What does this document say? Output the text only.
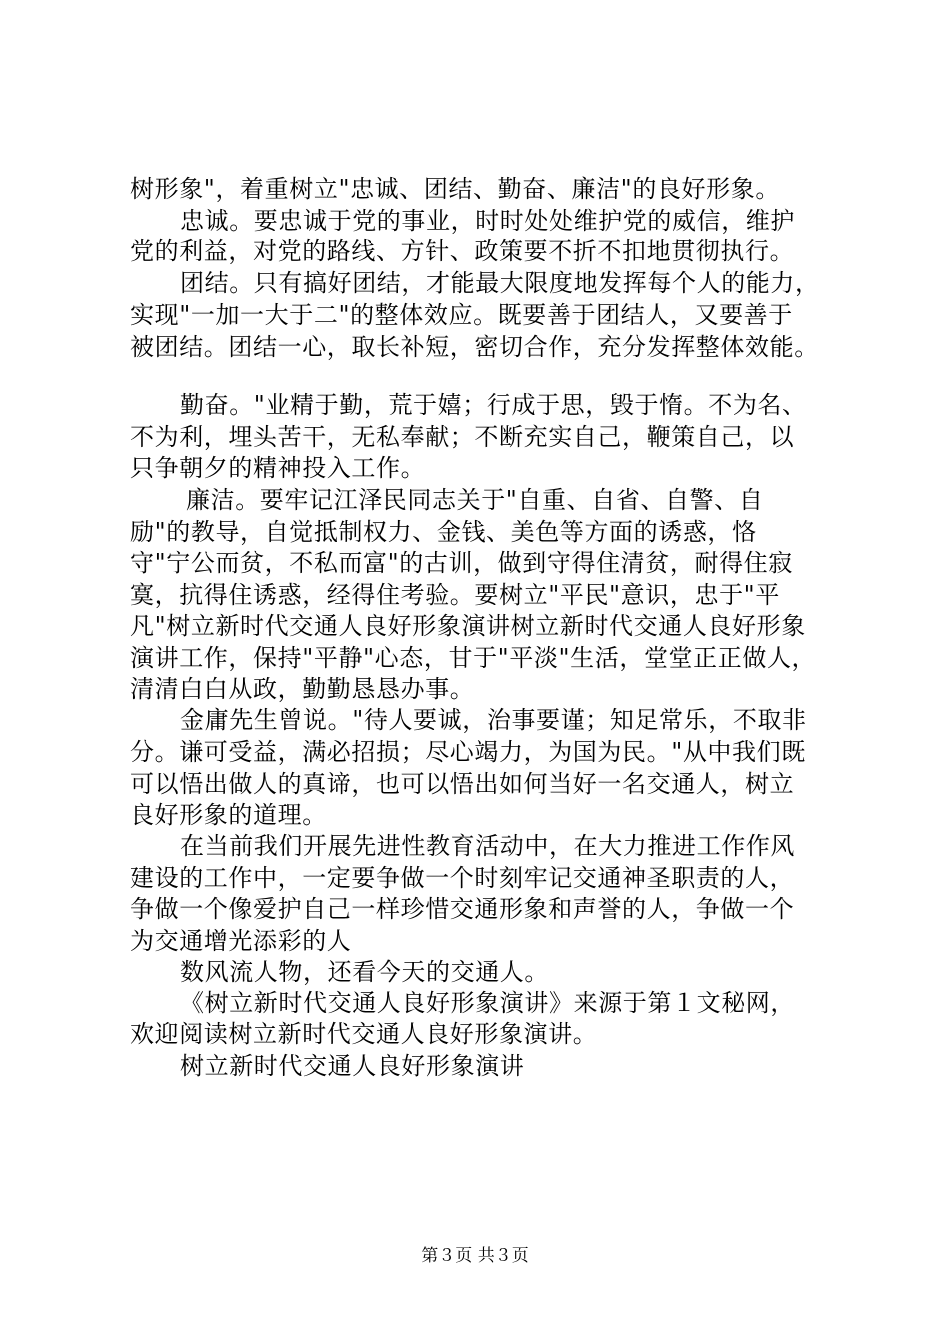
树形象"，着重树立"忠诚、团结、勤奋、廉洁"的良好形象。
忠诚。要忠诚于党的事业，时时处处维护党的威信，维护
党的利益，对党的路线、方针、政策要不折不扣地贯彻执行。
团结。只有搞好团结，才能最大限度地发挥每个人的能力，
实现"一加一大于二"的整体效应。既要善于团结人，又要善于
被团结。团结一心，取长补短，密切合作，充分发挥整体效能。
勤奋。"业精于勤，荒于嬉；行成于思，毁于惰。不为名、
不为利，埋头苦干，无私奉献；不断充实自己，鞭策自己，以
只争朝夕的精神投入工作。
廉洁。要牢记江泽民同志关于"自重、自省、自警、自
励"的教导，自觉抵制权力、金钱、美色等方面的诱惑，恪
守"宁公而贫，不私而富"的古训，做到守得住清贫，耐得住寂
寞，抗得住诱惑，经得住考验。要树立"平民"意识，忠于"平
凡"树立新时代交通人良好形象演讲树立新时代交通人良好形象
演讲工作，保持"平静"心态，甘于"平淡"生活，堂堂正正做人，
清清白白从政，勤勤恳恳办事。
金庸先生曾说。"待人要诚，治事要谨；知足常乐，不取非
分。谦可受益，满必招损；尽心竭力，为国为民。"从中我们既
可以悟出做人的真谛，也可以悟出如何当好一名交通人，树立
良好形象的道理。
在当前我们开展先进性教育活动中，在大力推进工作作风
建设的工作中，一定要争做一个时刻牢记交通神圣职责的人，
争做一个像爱护自己一样珍惜交通形象和声誉的人，争做一个
为交通增光添彩的人
数风流人物，还看今天的交通人。
《树立新时代交通人良好形象演讲》来源于第１文秘网，
欢迎阅读树立新时代交通人良好形象演讲。
树立新时代交通人良好形象演讲
第３页 共３页
